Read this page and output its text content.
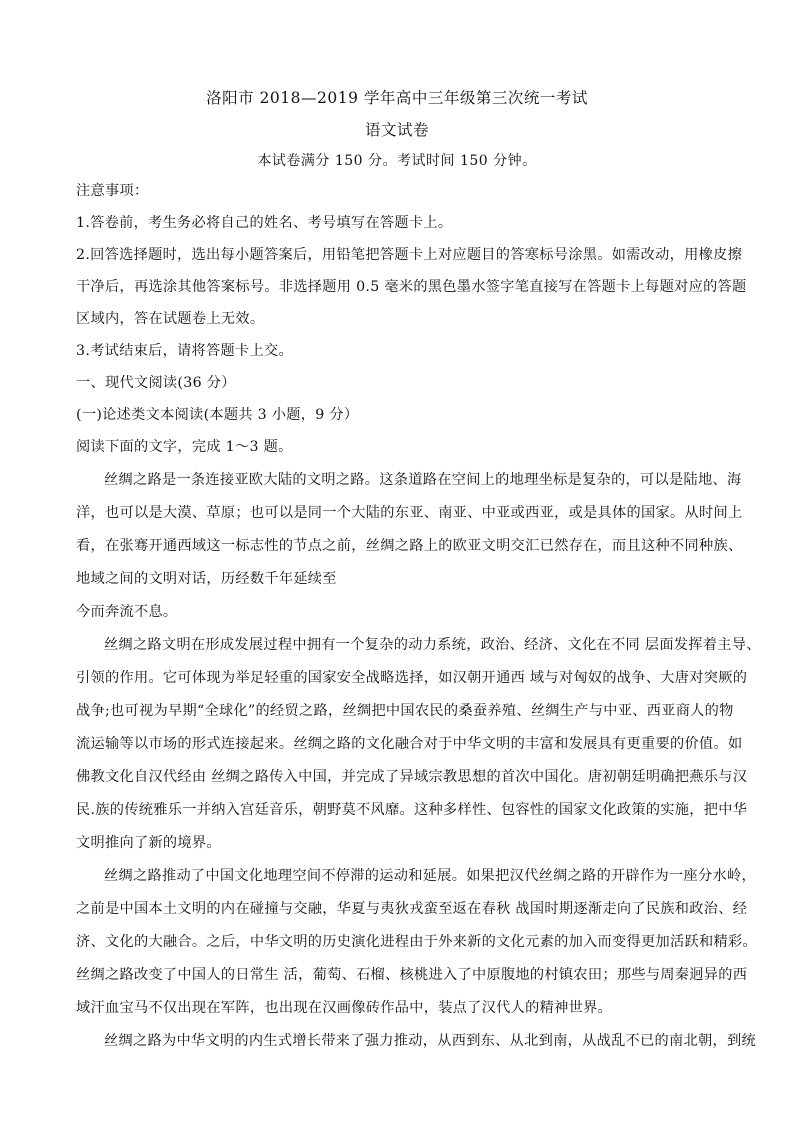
洛阳市 2018—2019 学年高中三年级第三次统一考试
语文试卷
本试卷满分 150 分。考试时间 150 分钟。
注意事项：
1.答卷前，考生务必将自己的姓名、考号填写在答题卡上。
2.回答选择题时，选出每小题答案后，用铅笔把答题卡上对应题目的答寒标号涂黑。如需改动，用橡皮擦
干净后，再选涂其他答案标号。非选择题用 0.5 毫米的黑色墨水签字笔直接写在答题卡上每题对应的答题
区域内，答在试题卷上无效。
3.考试结束后，请将答题卡上交。
一、现代文阅读(36 分）
(一)论述类文本阅读(本题共 3 小题，9 分）
阅读下面的文字，完成 1～3 题。
丝绸之路是一条连接亚欧大陆的文明之路。这条道路在空间上的地理坐标是复杂的，可以是陆地、海
洋，也可以是大漠、草原；也可以是同一个大陆的东亚、南亚、中亚或西亚，或是具体的国家。从时间上
看，在张骞开通西域这一标志性的节点之前，丝绸之路上的欧亚文明交汇已然存在，而且这种不同种族、
地域之间的文明对话，历经数千年延续至
今而奔流不息。
丝绸之路文明在形成发展过程中拥有一个复杂的动力系统，政治、经济、文化在不同 层面发挥着主导、
引领的作用。它可体现为举足轻重的国家安全战略选择，如汉朝开通西 域与对匈奴的战争、大唐对突厥的
战争;也可视为早期“全球化”的经贸之路，丝绸把中国农民的桑蚕养殖、丝绸生产与中亚、西亚商人的物
流运输等以市场的形式连接起来。丝绸之路的文化融合对于中华文明的丰富和发展具有更重要的价值。如
佛教文化自汉代经由 丝绸之路传入中国，并完成了异域宗教思想的首次中国化。唐初朝廷明确把燕乐与汉
民.族的传统雅乐一并纳入宫廷音乐，朝野莫不风靡。这种多样性、包容性的国家文化政策的实施，把中华
文明推向了新的境界。
丝绸之路推动了中国文化地理空间不停滞的运动和延展。如果把汉代丝绸之路的开辟作为一座分水岭，
之前是中国本土文明的内在碰撞与交融，华夏与夷狄戎蛮至返在春秋 战国时期逐渐走向了民族和政治、经
济、文化的大融合。之后，中华文明的历史演化进程由于外来新的文化元素的加入而变得更加活跃和精彩。
丝绸之路改变了中国人的日常生 活，葡萄、石榴、核桃进入了中原腹地的村镇农田；那些与周秦迥异的西
域汗血宝马不仅出现在军阵，也出现在汉画像砖作品中，装点了汉代人的精神世界。
丝绸之路为中华文明的内生式增长带来了强力推动，从西到东、从北到南，从战乱不已的南北朝，到统
